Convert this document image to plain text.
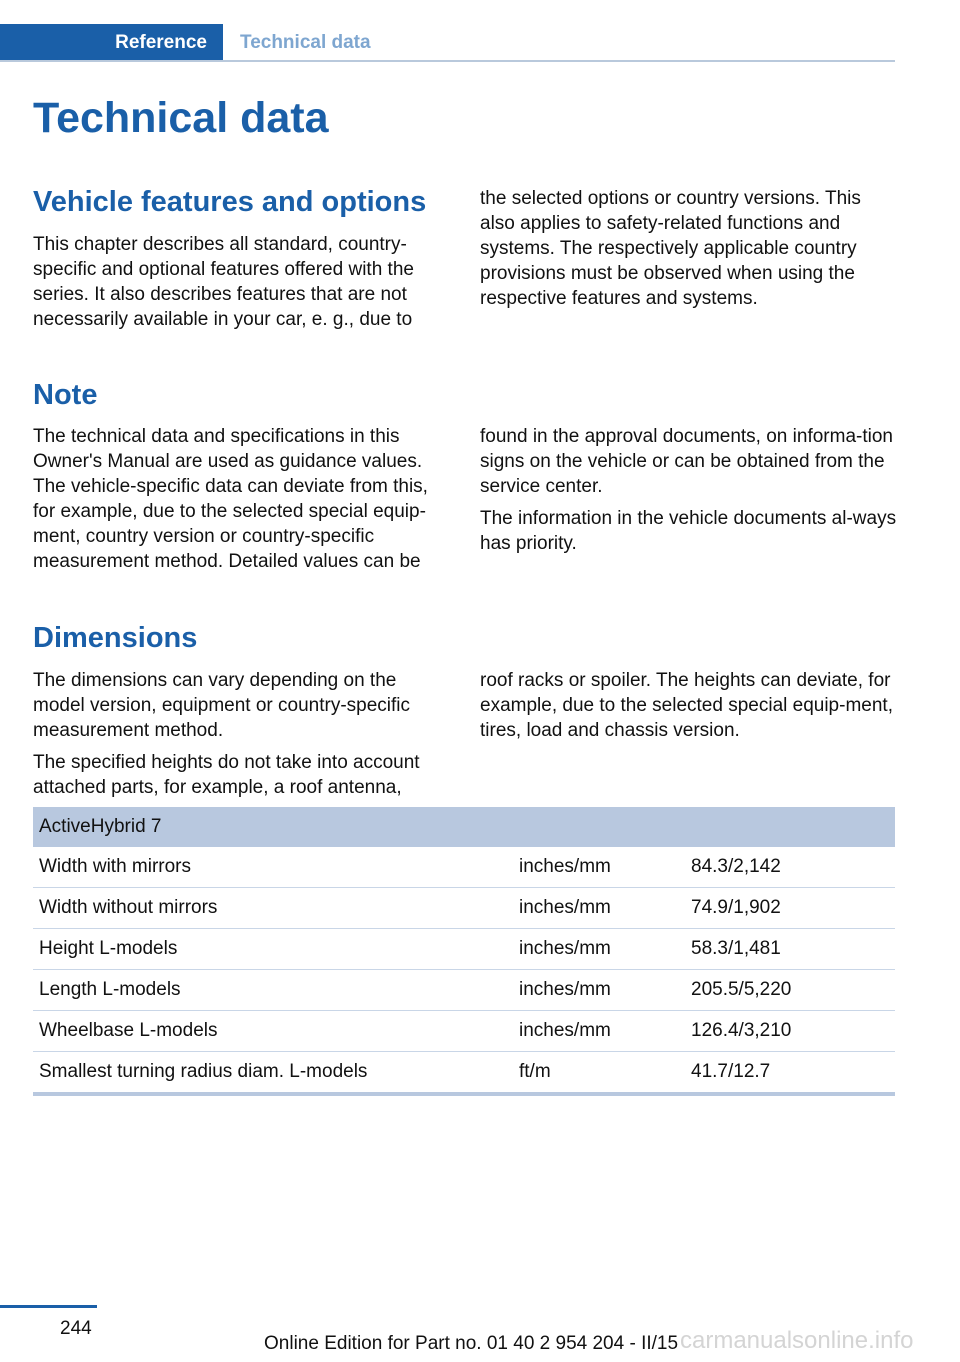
Reference	Technical data
Technical data
Vehicle features and options

This chapter describes all standard, country-specific and optional features offered with the series. It also describes features that are not necessarily available in your car, e. g., due to

the selected options or country versions. This also applies to safety-related functions and systems. The respectively applicable country provisions must be observed when using the respective features and systems.

Note

The technical data and specifications in this Owner's Manual are used as guidance values. The vehicle-specific data can deviate from this, for example, due to the selected special equip-ment, country version or country-specific measurement method. Detailed values can be

found in the approval documents, on informa-tion signs on the vehicle or can be obtained from the service center.

The information in the vehicle documents al-ways has priority.

Dimensions

The dimensions can vary depending on the model version, equipment or country-specific measurement method.

The specified heights do not take into account attached parts, for example, a roof antenna,

roof racks or spoiler. The heights can deviate, for example, due to the selected special equip-ment, tires, load and chassis version.

ActiveHybrid 7		
Width with mirrors	inches/mm	84.3/2,142
Width without mirrors	inches/mm	74.9/1,902
Height L-models	inches/mm	58.3/1,481
Length L-models	inches/mm	205.5/5,220
Wheelbase L-models	inches/mm	126.4/3,210
Smallest turning radius diam. L-models	ft/m	41.7/12.7
244
Online Edition for Part no. 01 40 2 954 204 - II/15 carmanualsonline.info
